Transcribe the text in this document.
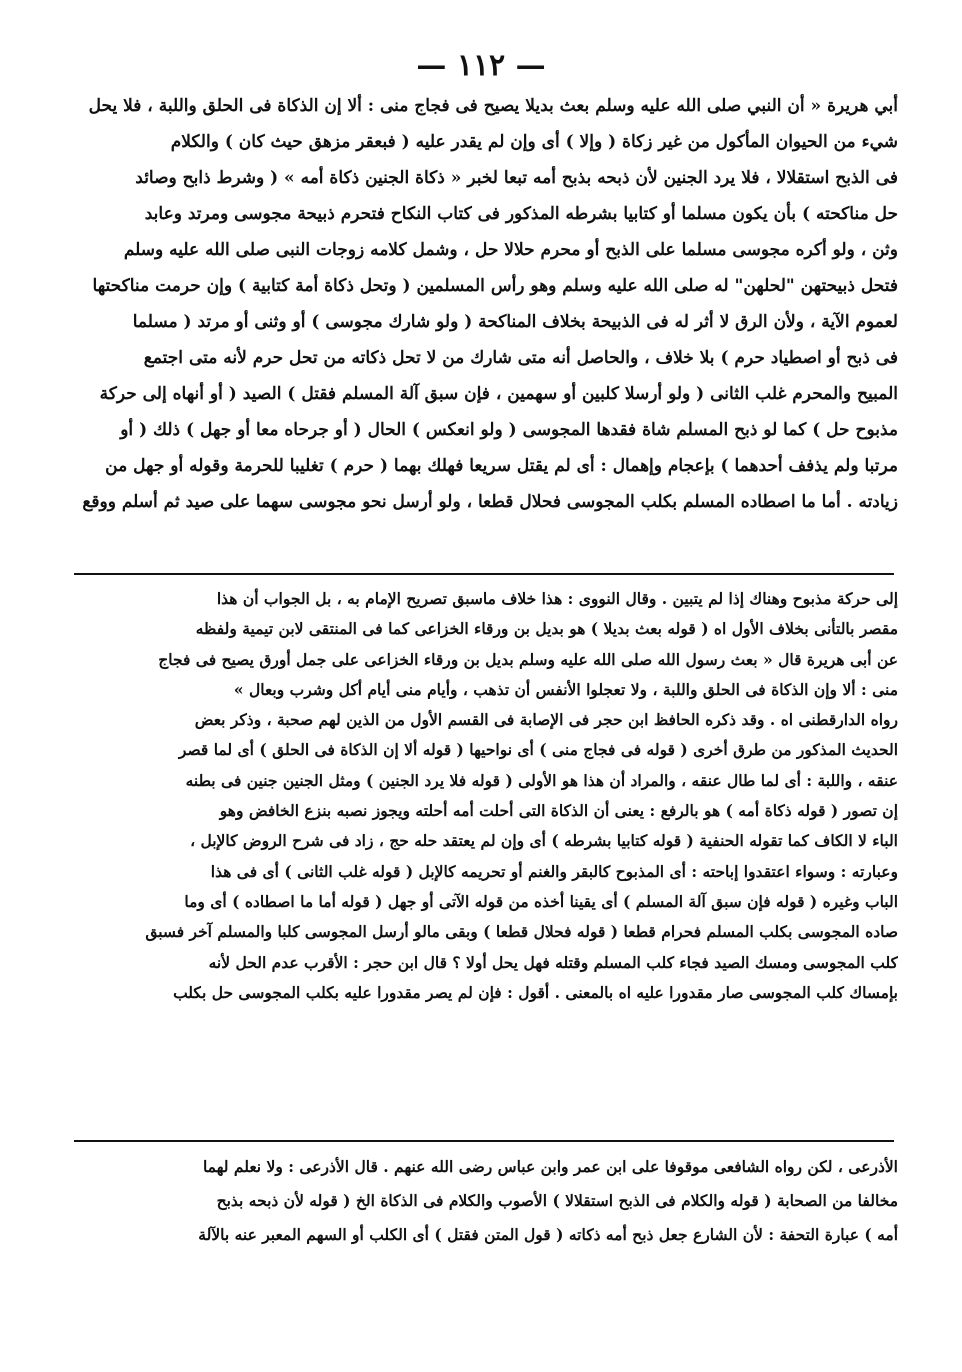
— ١١٢ —
أبي هريرة « أن النبي صلى الله عليه وسلم بعث بديلا يصيح فى فجاج منى : ألا إن الذكاة فى الحلق واللبة ، فلا يحل
شيء من الحيوان المأكول من غير زكاة ( وإلا ) أى وإن لم يقدر عليه ( فبعقر مزهق حيث كان ) والكلام
فى الذبح استقلالا ، فلا يرد الجنين لأن ذبحه بذبح أمه تبعا لخبر « ذكاة الجنين ذكاة أمه » ( وشرط ذابح وصائد
حل مناكحته ) بأن يكون مسلما أو كتابيا بشرطه المذكور فى كتاب النكاح فتحرم ذبيحة مجوسى ومرتد وعابد
وثن ، ولو أكره مجوسى مسلما على الذبح أو محرم حلالا حل ، وشمل كلامه زوجات النبى صلى الله عليه وسلم
فتحل ذبيحتهن "لحلهن" له صلى الله عليه وسلم وهو رأس المسلمين ( وتحل ذكاة أمة كتابية ) وإن حرمت مناكحتها
لعموم الآية ، ولأن الرق لا أثر له فى الذبيحة بخلاف المناكحة ( ولو شارك مجوسى ) أو وثنى أو مرتد ( مسلما
فى ذبح أو اصطياد حرم ) بلا خلاف ، والحاصل أنه متى شارك من لا تحل ذكاته من تحل حرم لأنه متى اجتمع
المبيح والمحرم غلب الثانى ( ولو أرسلا كلبين أو سهمين ، فإن سبق آلة المسلم فقتل ) الصيد ( أو أنهاه إلى حركة
مذبوح حل ) كما لو ذبح المسلم شاة فقدها المجوسى ( ولو انعكس ) الحال ( أو جرحاه معا أو جهل ) ذلك ( أو
مرتبا ولم يذفف أحدهما ) بإعجام وإهمال : أى لم يقتل سريعا فهلك بهما ( حرم ) تغليبا للحرمة وقوله أو جهل من
زيادته . أما ما اصطاده المسلم بكلب المجوسى فحلال قطعا ، ولو أرسل نحو مجوسى سهما على صيد ثم أسلم ووقع
إلى حركة مذبوح وهناك إذا لم يتبين . وقال النووى : هذا خلاف ماسبق تصريح الإمام به ، بل الجواب أن هذا
مقصر بالتأنى بخلاف الأول اه ( قوله بعث بديلا ) هو بديل بن ورقاء الخزاعى كما فى المنتقى لابن تيمية ولفظه
عن أبى هريرة قال « بعث رسول الله صلى الله عليه وسلم بديل بن ورقاء الخزاعى على جمل أورق يصيح فى فجاج
منى : ألا وإن الذكاة فى الحلق واللبة ، ولا تعجلوا الأنفس أن تذهب ، وأيام منى أيام أكل وشرب وبعال »
رواه الدارقطنى اه . وقد ذكره الحافظ ابن حجر فى الإصابة فى القسم الأول من الذين لهم صحبة ، وذكر بعض
الحديث المذكور من طرق أخرى ( قوله فى فجاج منى ) أى نواحيها ( قوله ألا إن الذكاة فى الحلق ) أى لما قصر
عنقه ، واللبة : أى لما طال عنقه ، والمراد أن هذا هو الأولى ( قوله فلا يرد الجنين ) ومثل الجنين جنين فى بطنه
إن تصور ( قوله ذكاة أمه ) هو بالرفع : يعنى أن الذكاة التى أحلت أمه أحلته ويجوز نصبه بنزع الخافض وهو
الباء لا الكاف كما تقوله الحنفية ( قوله كتابيا بشرطه ) أى وإن لم يعتقد حله حج ، زاد فى شرح الروض كالإبل ،
وعبارته : وسواء اعتقدوا إباحته : أى المذبوح كالبقر والغنم أو تحريمه كالإبل ( قوله غلب الثانى ) أى فى هذا
الباب وغيره ( قوله فإن سبق آلة المسلم ) أى يقينا أخذه من قوله الآتى أو جهل ( قوله أما ما اصطاده ) أى وما
صاده المجوسى بكلب المسلم فحرام قطعا ( قوله فحلال قطعا ) وبقى مالو أرسل المجوسى كلبا والمسلم آخر فسبق
كلب المجوسى ومسك الصيد فجاء كلب المسلم وقتله فهل يحل أولا ؟ قال ابن حجر : الأقرب عدم الحل لأنه
بإمساك كلب المجوسى صار مقدورا عليه اه بالمعنى . أقول : فإن لم يصر مقدورا عليه بكلب المجوسى حل بكلب
الأذرعى ، لكن رواه الشافعى موقوفا على ابن عمر وابن عباس رضى الله عنهم . قال الأذرعى : ولا نعلم لهما
مخالفا من الصحابة ( قوله والكلام فى الذبح استقلالا ) الأصوب والكلام فى الذكاة الخ ( قوله لأن ذبحه بذبح
أمه ) عبارة التحفة : لأن الشارع جعل ذبح أمه ذكاته ( قول المتن فقتل ) أى الكلب أو السهم المعبر عنه بالآلة
